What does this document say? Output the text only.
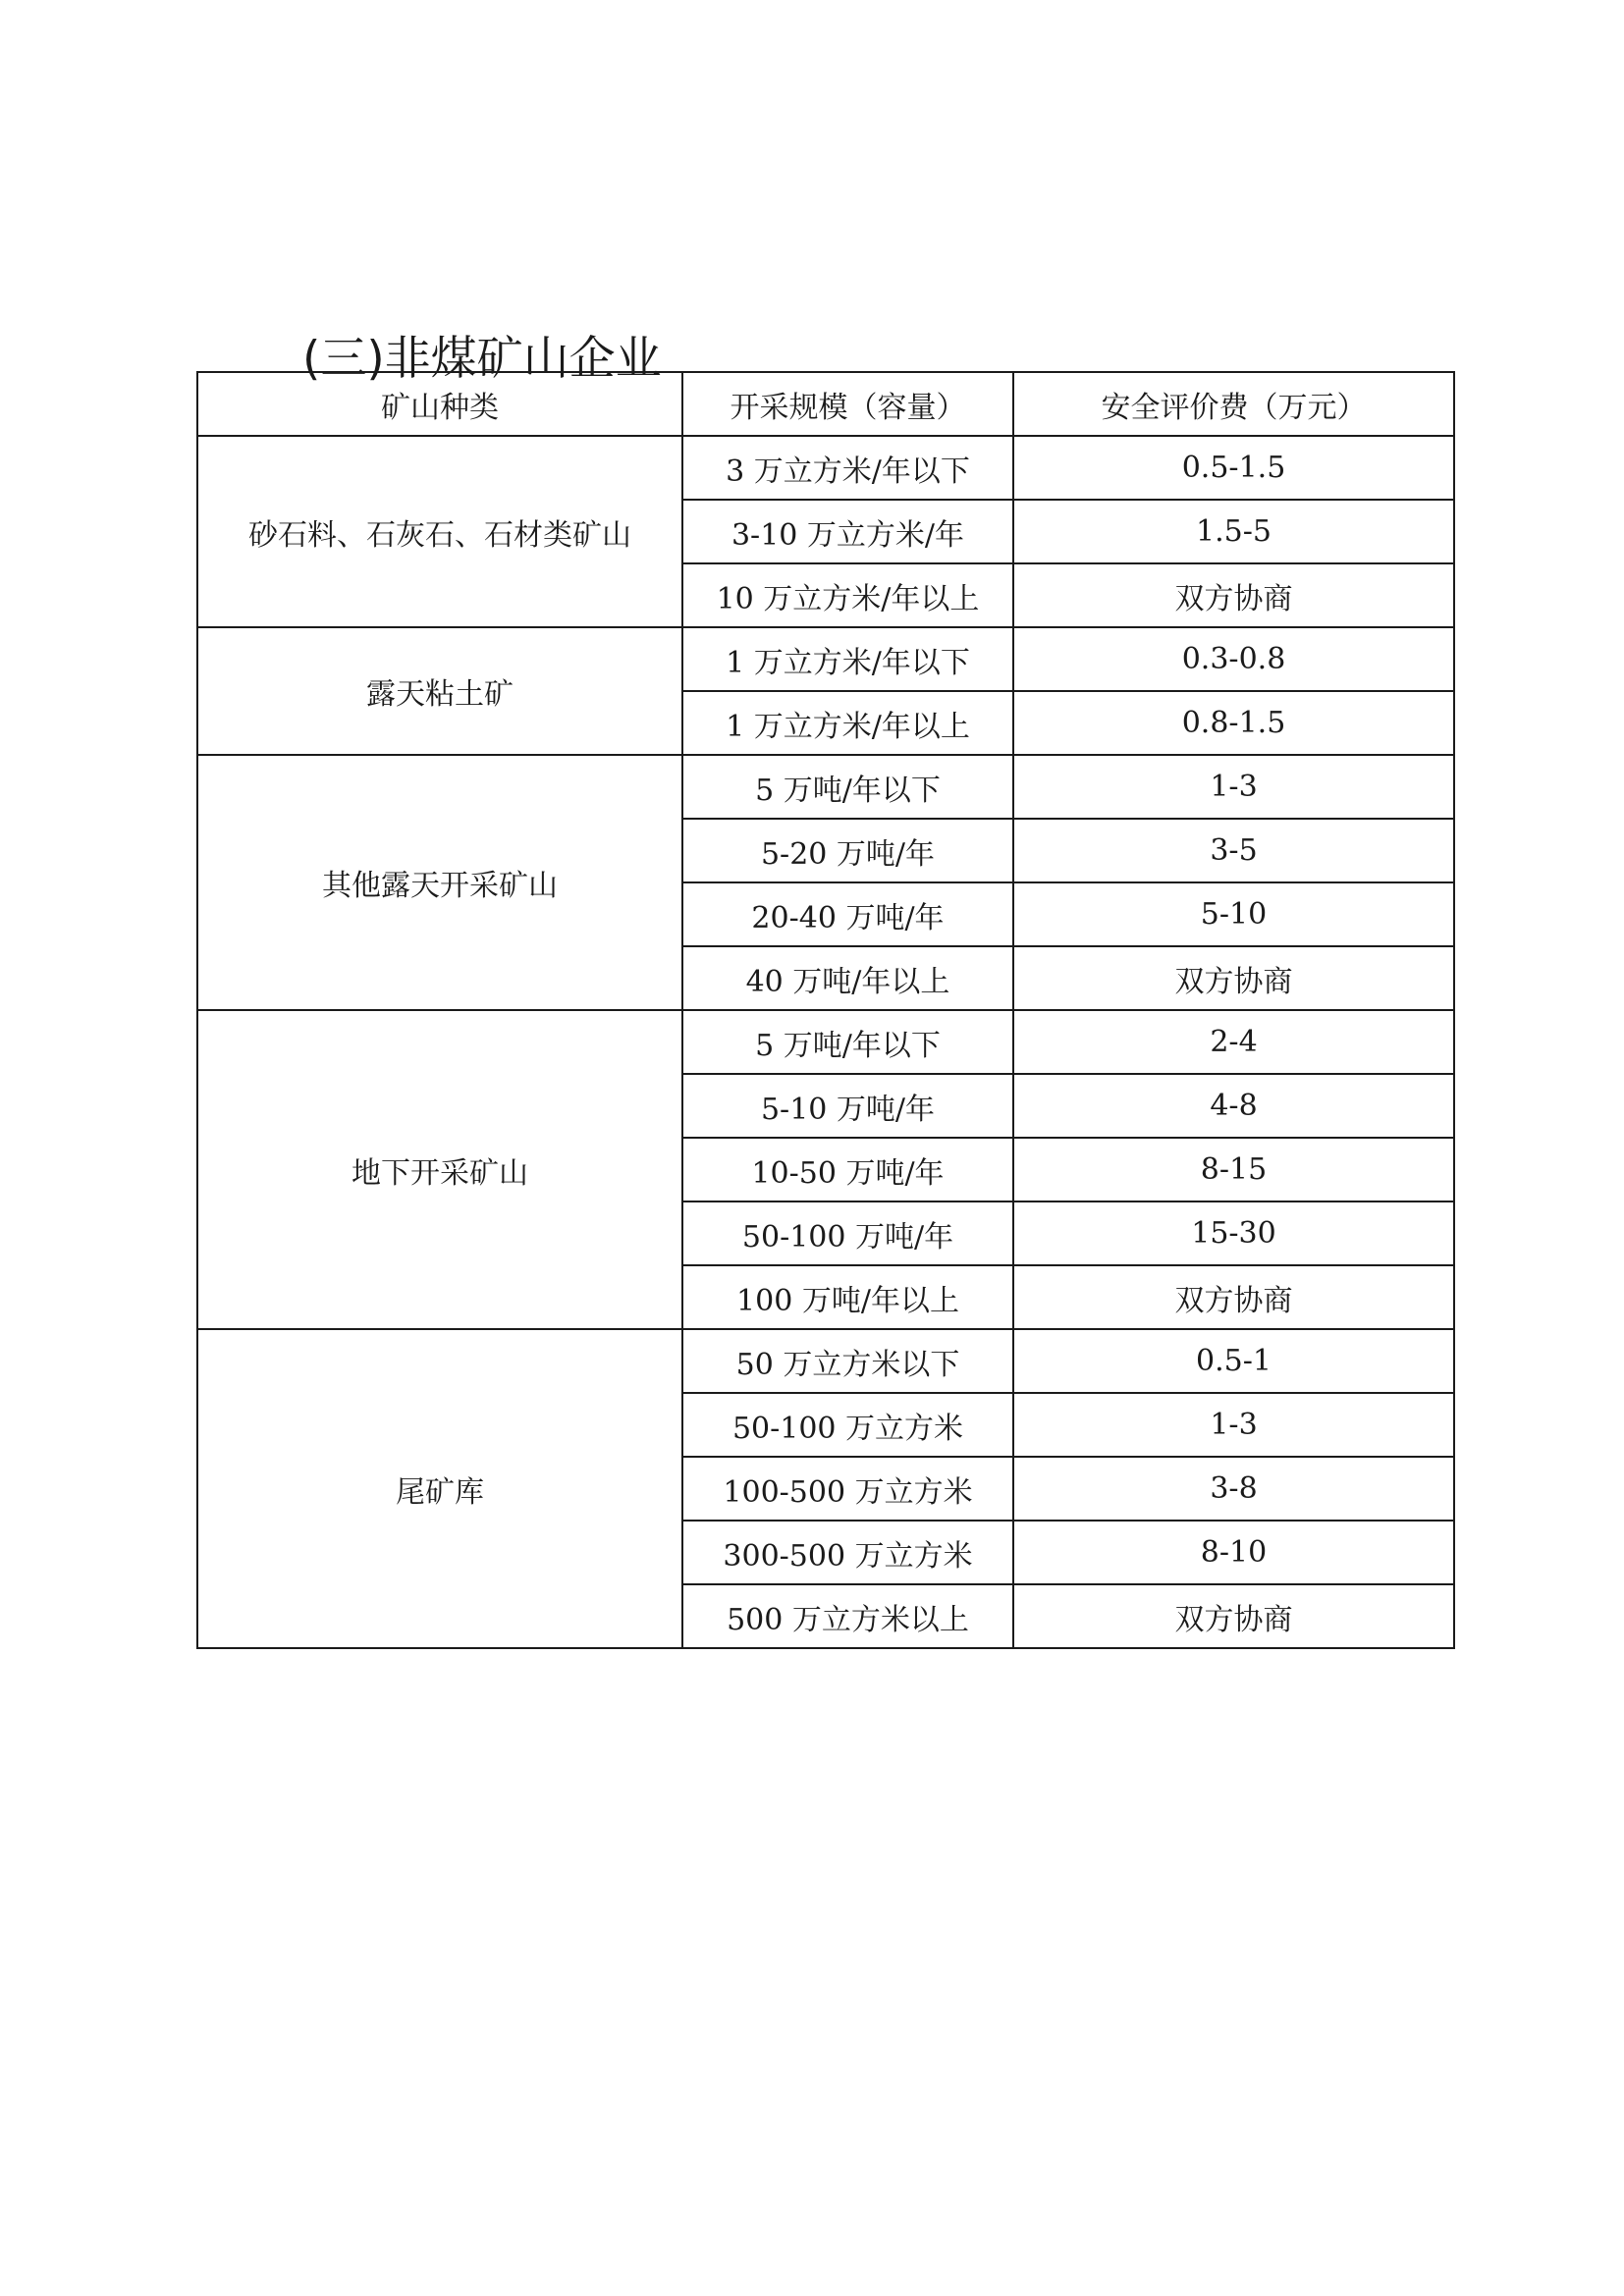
(三)非煤矿山企业
矿山种类	开采规模（容量）	安全评价费（万元）
砂石料、石灰石、石材类矿山	3 万立方米/年以下	0.5-1.5
	3-10 万立方米/年	1.5-5
	10 万立方米/年以上	双方协商
露天粘土矿	1 万立方米/年以下	0.3-0.8
	1 万立方米/年以上	0.8-1.5
其他露天开采矿山	5 万吨/年以下	1-3
	5-20 万吨/年	3-5
	20-40 万吨/年	5-10
	40 万吨/年以上	双方协商
地下开采矿山	5 万吨/年以下	2-4
	5-10 万吨/年	4-8
	10-50 万吨/年	8-15
	50-100 万吨/年	15-30
	100 万吨/年以上	双方协商
尾矿库	50 万立方米以下	0.5-1
	50-100 万立方米	1-3
	100-500 万立方米	3-8
	300-500 万立方米	8-10
	500 万立方米以上	双方协商
